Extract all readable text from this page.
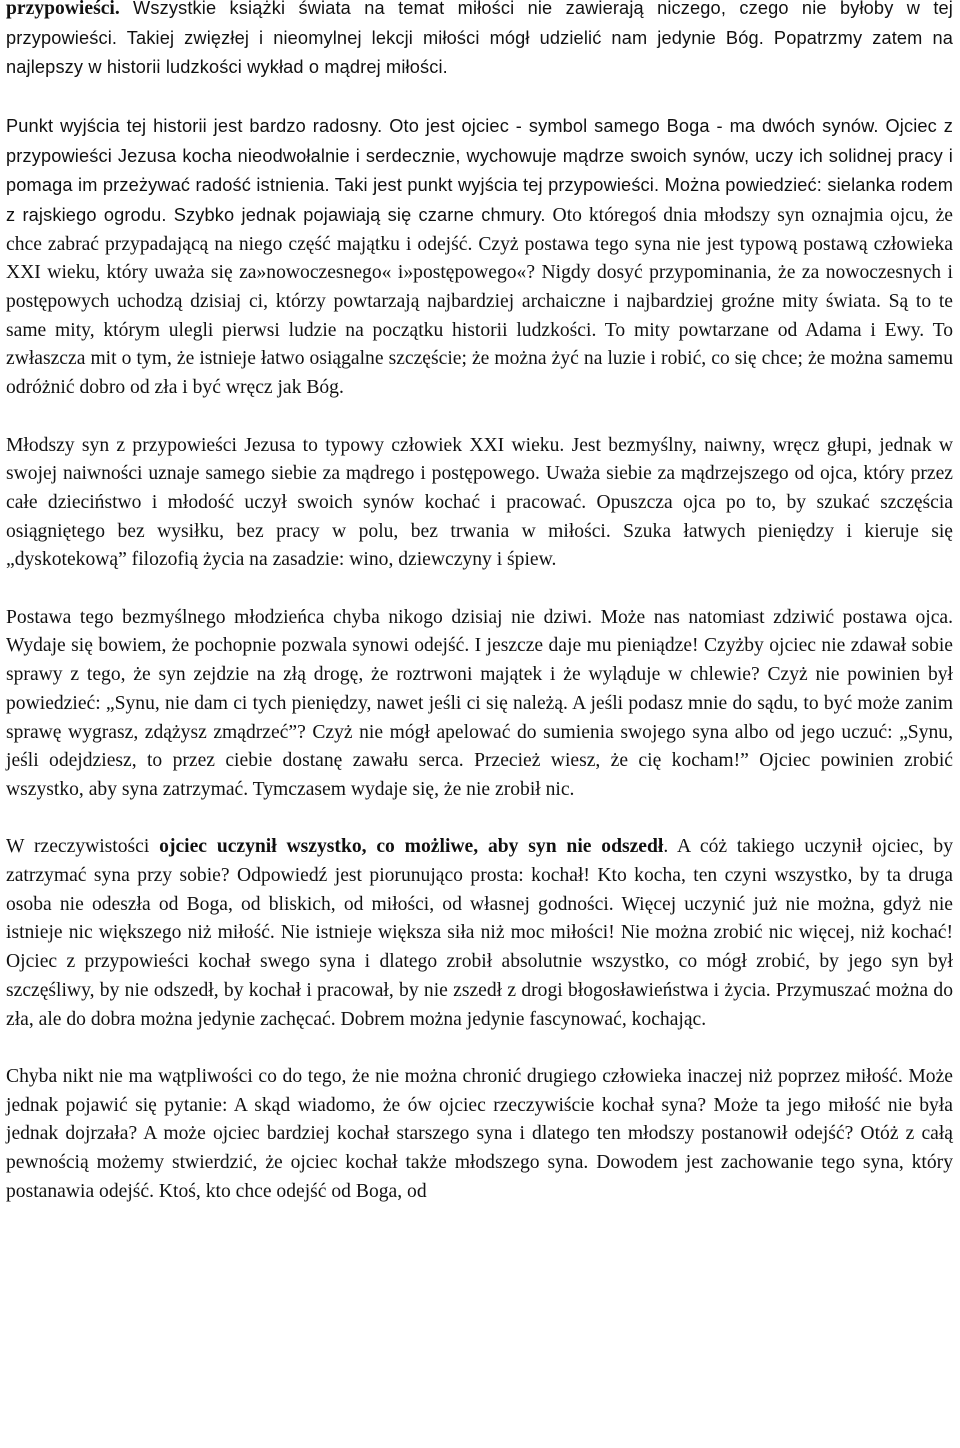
przypowieści. Wszystkie książki świata na temat miłości nie zawierają niczego, czego nie byłoby w tej przypowieści. Takiej zwięzłej i nieomylnej lekcji miłości mógł udzielić nam jedynie Bóg. Popatrzmy zatem na najlepszy w historii ludzkości wykład o mądrej miłości.

Punkt wyjścia tej historii jest bardzo radosny. Oto jest ojciec - symbol samego Boga - ma dwóch synów. Ojciec z przypowieści Jezusa kocha nieodwołalnie i serdecznie, wychowuje mądrze swoich synów, uczy ich solidnej pracy i pomaga im przeżywać radość istnienia. Taki jest punkt wyjścia tej przypowieści. Można powiedzieć: sielanka rodem z rajskiego ogrodu. Szybko jednak pojawiają się czarne chmury. Oto któregoś dnia młodszy syn oznajmia ojcu, że chce zabrać przypadającą na niego część majątku i odejść. Czyż postawa tego syna nie jest typową postawą człowieka XXI wieku, który uważa się za»nowoczesnego« i»postępowego«? Nigdy dosyć przypominania, że za nowoczesnych i postępowych uchodzą dzisiaj ci, którzy powtarzają najbardziej archaiczne i najbardziej groźne mity świata. Są to te same mity, którym ulegli pierwsi ludzie na początku historii ludzkości. To mity powtarzane od Adama i Ewy. To zwłaszcza mit o tym, że istnieje łatwo osiągalne szczęście; że można żyć na luzie i robić, co się chce; że można samemu odróżnić dobro od zła i być wręcz jak Bóg.

Młodszy syn z przypowieści Jezusa to typowy człowiek XXI wieku. Jest bezmyślny, naiwny, wręcz głupi, jednak w swojej naiwności uznaje samego siebie za mądrego i postępowego. Uważa siebie za mądrzejszego od ojca, który przez całe dzieciństwo i młodość uczył swoich synów kochać i pracować. Opuszcza ojca po to, by szukać szczęścia osiągniętego bez wysiłku, bez pracy w polu, bez trwania w miłości. Szuka łatwych pieniędzy i kieruje się „dyskotekową” filozofią życia na zasadzie: wino, dziewczyny i śpiew.

Postawa tego bezmyślnego młodzieńca chyba nikogo dzisiaj nie dziwi. Może nas natomiast zdziwić postawa ojca. Wydaje się bowiem, że pochopnie pozwala synowi odejść. I jeszcze daje mu pieniądze! Czyżby ojciec nie zdawał sobie sprawy z tego, że syn zejdzie na złą drogę, że roztrwoni majątek i że wyląduje w chlewie? Czyż nie powinien był powiedzieć: „Synu, nie dam ci tych pieniędzy, nawet jeśli ci się należą. A jeśli podasz mnie do sądu, to być może zanim sprawę wygrasz, zdążysz zmądrzeć”? Czyż nie mógł apelować do sumienia swojego syna albo od jego uczuć: „Synu, jeśli odejdziesz, to przez ciebie dostanę zawału serca. Przecież wiesz, że cię kocham!” Ojciec powinien zrobić wszystko, aby syna zatrzymać. Tymczasem wydaje się, że nie zrobił nic.

W rzeczywistości ojciec uczynił wszystko, co możliwe, aby syn nie odszedł. A cóż takiego uczynił ojciec, by zatrzymać syna przy sobie? Odpowiedź jest piorunująco prosta: kochał! Kto kocha, ten czyni wszystko, by ta druga osoba nie odeszła od Boga, od bliskich, od miłości, od własnej godności. Więcej uczynić już nie można, gdyż nie istnieje nic większego niż miłość. Nie istnieje większa siła niż moc miłości! Nie można zrobić nic więcej, niż kochać! Ojciec z przypowieści kochał swego syna i dlatego zrobił absolutnie wszystko, co mógł zrobić, by jego syn był szczęśliwy, by nie odszedł, by kochał i pracował, by nie zszedł z drogi błogosławieństwa i życia. Przymuszać można do zła, ale do dobra można jedynie zachęcać. Dobrem można jedynie fascynować, kochając.

Chyba nikt nie ma wątpliwości co do tego, że nie można chronić drugiego człowieka inaczej niż poprzez miłość. Może jednak pojawić się pytanie: A skąd wiadomo, że ów ojciec rzeczywiście kochał syna? Może ta jego miłość nie była jednak dojrzała? A może ojciec bardziej kochał starszego syna i dlatego ten młodszy postanowił odejść? Otóż z całą pewnością możemy stwierdzić, że ojciec kochał także młodszego syna. Dowodem jest zachowanie tego syna, który postanawia odejść. Ktoś, kto chce odejść od Boga, od
